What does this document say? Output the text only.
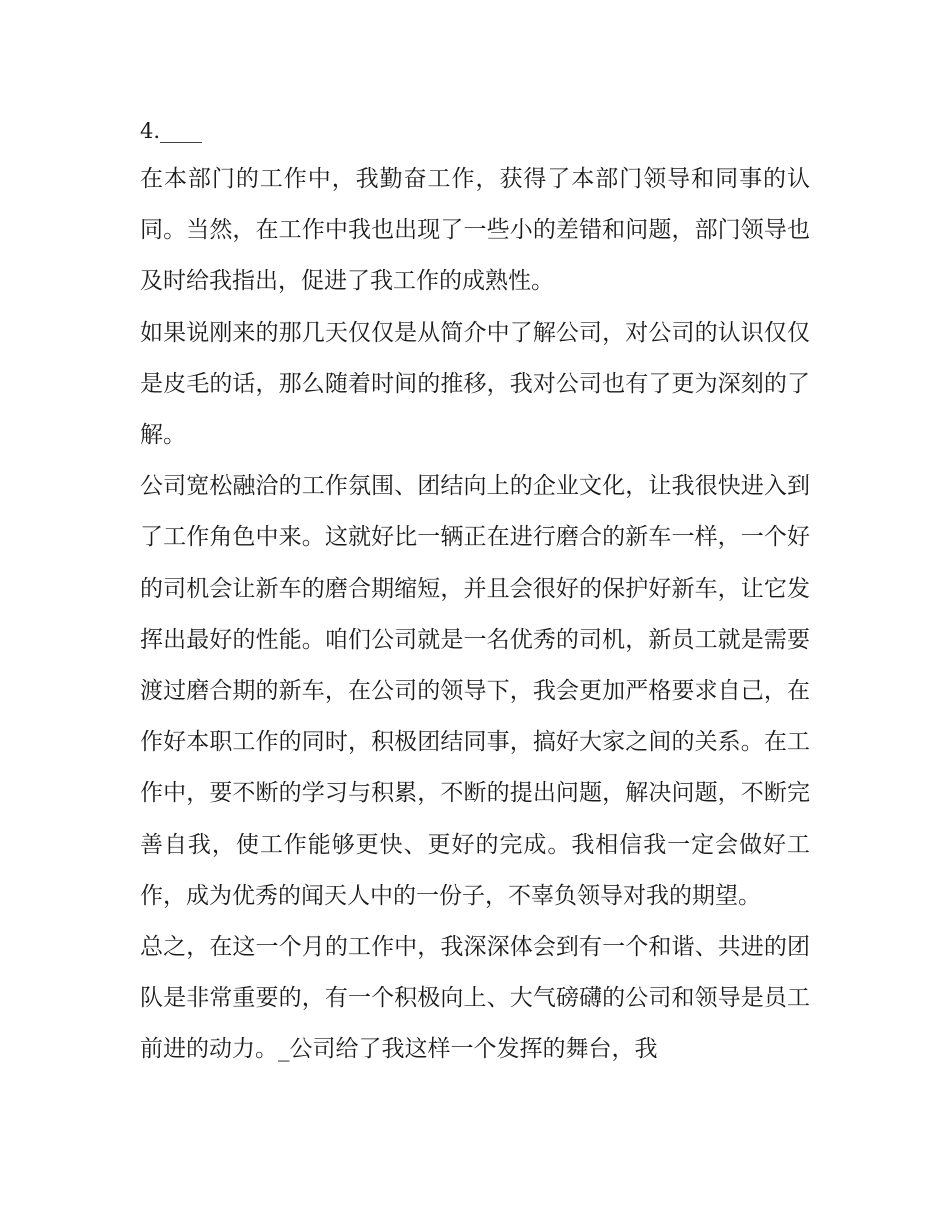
4.____

在本部门的工作中，我勤奋工作，获得了本部门领导和同事的认同。当然，在工作中我也出现了一些小的差错和问题，部门领导也及时给我指出，促进了我工作的成熟性。

如果说刚来的那几天仅仅是从简介中了解公司，对公司的认识仅仅是皮毛的话，那么随着时间的推移，我对公司也有了更为深刻的了解。

公司宽松融洽的工作氛围、团结向上的企业文化，让我很快进入到了工作角色中来。这就好比一辆正在进行磨合的新车一样，一个好的司机会让新车的磨合期缩短，并且会很好的保护好新车，让它发挥出最好的性能。咱们公司就是一名优秀的司机，新员工就是需要渡过磨合期的新车，在公司的领导下，我会更加严格要求自己，在作好本职工作的同时，积极团结同事，搞好大家之间的关系。在工作中，要不断的学习与积累，不断的提出问题，解决问题，不断完善自我，使工作能够更快、更好的完成。我相信我一定会做好工作，成为优秀的闻天人中的一份子，不辜负领导对我的期望。

总之，在这一个月的工作中，我深深体会到有一个和谐、共进的团队是非常重要的，有一个积极向上、大气磅礴的公司和领导是员工前进的动力。_公司给了我这样一个发挥的舞台，我
